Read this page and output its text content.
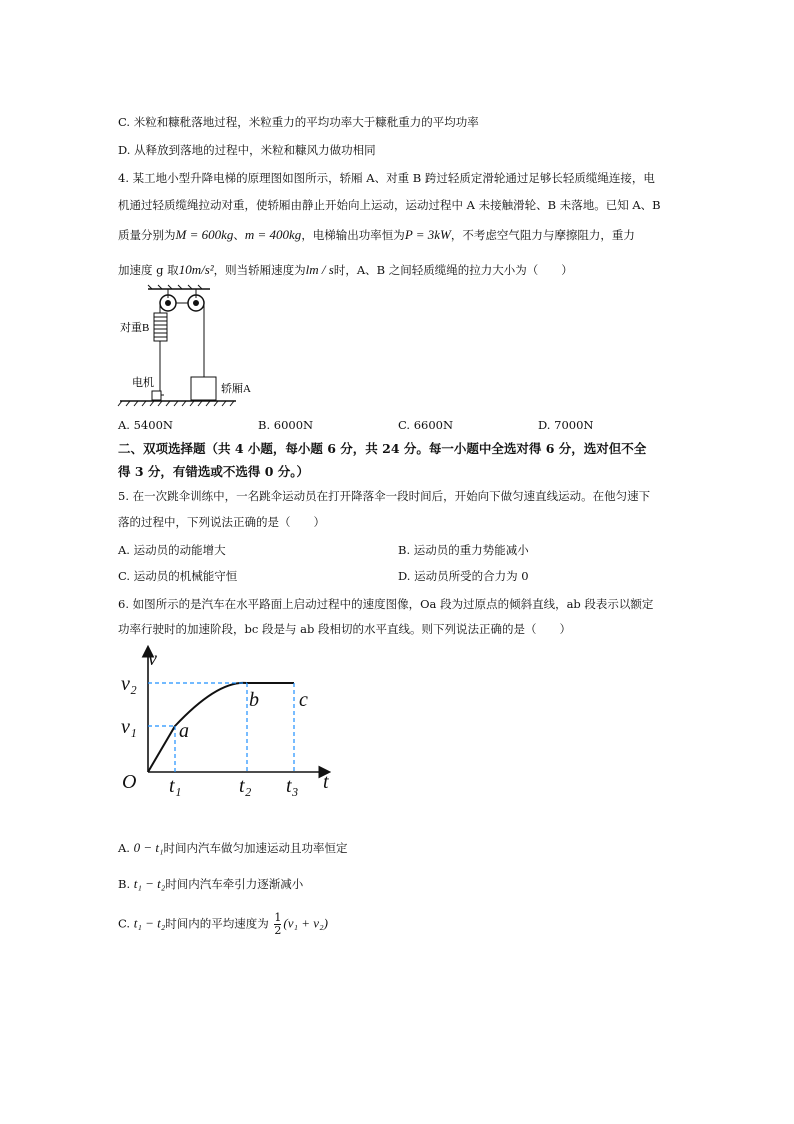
C. 米粒和糠秕落地过程，米粒重力的平均功率大于糠秕重力的平均功率

D. 从释放到落地的过程中，米粒和糠风力做功相同

4. 某工地小型升降电梯的原理图如图所示，轿厢 A、对重 B 跨过轻质定滑轮通过足够长轻质缆绳连接，电

机通过轻质缆绳拉动对重，使轿厢由静止开始向上运动，运动过程中 A 未接触滑轮、B 未落地。已知 A、B

质量分别为M = 600kg、m = 400kg，电梯输出功率恒为P = 3kW，不考虑空气阻力与摩擦阻力，重力

加速度 g 取10m/s²，则当轿厢速度为lm / s时，A、B 之间轻质缆绳的拉力大小为（　　）

对重B
电机	轿厢A
A. 5400N	B. 6000N	C. 6600N	D. 7000N

二、双项选择题（共 4 小题，每小题 6 分，共 24 分。每一小题中全选对得 6 分，选对但不全

得 3 分，有错选或不选得 0 分。）

5. 在一次跳伞训练中，一名跳伞运动员在打开降落伞一段时间后，开始向下做匀速直线运动。在他匀速下

落的过程中，下列说法正确的是（　　）

A. 运动员的动能增大	B. 运动员的重力势能减小
C. 运动员的机械能守恒	D. 运动员所受的合力为 0

6. 如图所示的是汽车在水平路面上启动过程中的速度图像，Oa 段为过原点的倾斜直线，ab 段表示以额定

功率行驶时的加速阶段，bc 段是与 ab 段相切的水平直线。则下列说法正确的是（　　）

v
t
O
v₁
v₂
t₁	t₂ t₃
a
b c

A. 0 − t₁时间内汽车做匀加速运动且功率恒定

B. t₁ − t₂时间内汽车牵引力逐渐减小

C. t₁ − t₂时间内的平均速度为 $\frac{1}{2} (v_1 + v_2)$
